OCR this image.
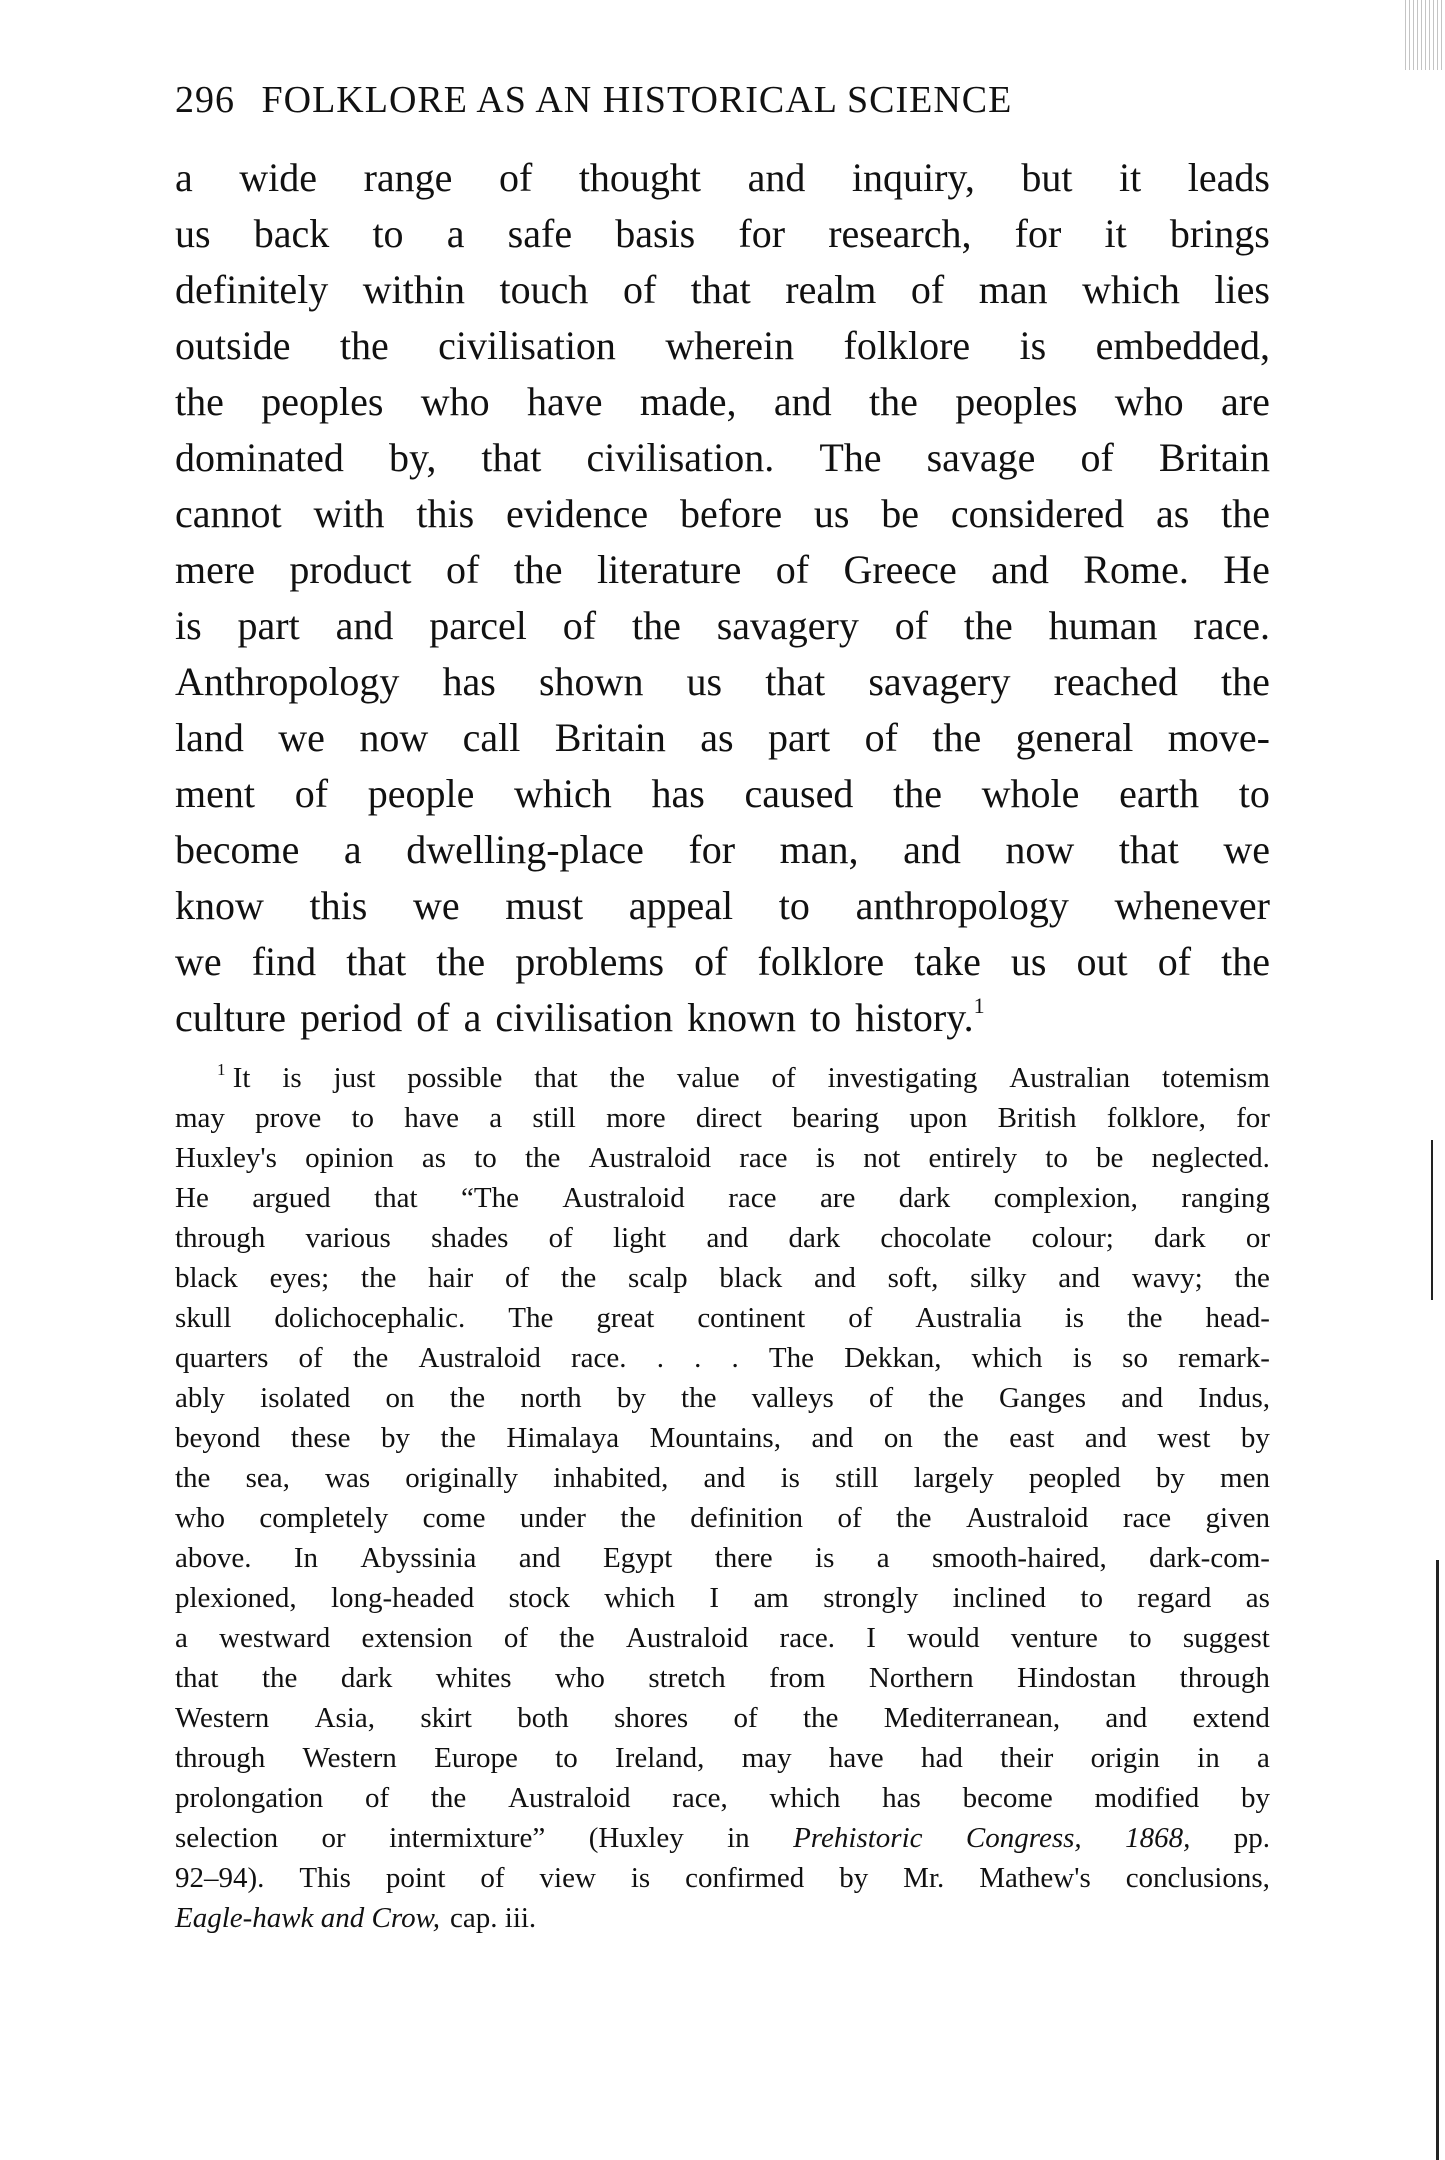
296 FOLKLORE AS AN HISTORICAL SCIENCE
a wide range of thought and inquiry, but it leads
us back to a safe basis for research, for it brings
definitely within touch of that realm of man which lies
outside the civilisation wherein folklore is embedded,
the peoples who have made, and the peoples who are
dominated by, that civilisation. The savage of Britain
cannot with this evidence before us be considered as the
mere product of the literature of Greece and Rome. He
is part and parcel of the savagery of the human race.
Anthropology has shown us that savagery reached the
land we now call Britain as part of the general move-
ment of people which has caused the whole earth to
become a dwelling-place for man, and now that we
know this we must appeal to anthropology whenever
we find that the problems of folklore take us out of the
culture period of a civilisation known to history.$^1$
$^1$ It is just possible that the value of investigating Australian totemism
may prove to have a still more direct bearing upon British folklore, for
Huxley's opinion as to the Australoid race is not entirely to be neglected.
He argued that “The Australoid race are dark complexion, ranging
through various shades of light and dark chocolate colour; dark or
black eyes; the hair of the scalp black and soft, silky and wavy; the
skull dolichocephalic. The great continent of Australia is the head-
quarters of the Australoid race. . . . The Dekkan, which is so remark-
ably isolated on the north by the valleys of the Ganges and Indus,
beyond these by the Himalaya Mountains, and on the east and west by
the sea, was originally inhabited, and is still largely peopled by men
who completely come under the definition of the Australoid race given
above. In Abyssinia and Egypt there is a smooth-haired, dark-com-
plexioned, long-headed stock which I am strongly inclined to regard as
a westward extension of the Australoid race. I would venture to suggest
that the dark whites who stretch from Northern Hindostan through
Western Asia, skirt both shores of the Mediterranean, and extend
through Western Europe to Ireland, may have had their origin in a
prolongation of the Australoid race, which has become modified by
selection or intermixture” (Huxley in Prehistoric Congress, 1868, pp.
92–94). This point of view is confirmed by Mr. Mathew's conclusions,
Eagle-hawk and Crow, cap. iii.
